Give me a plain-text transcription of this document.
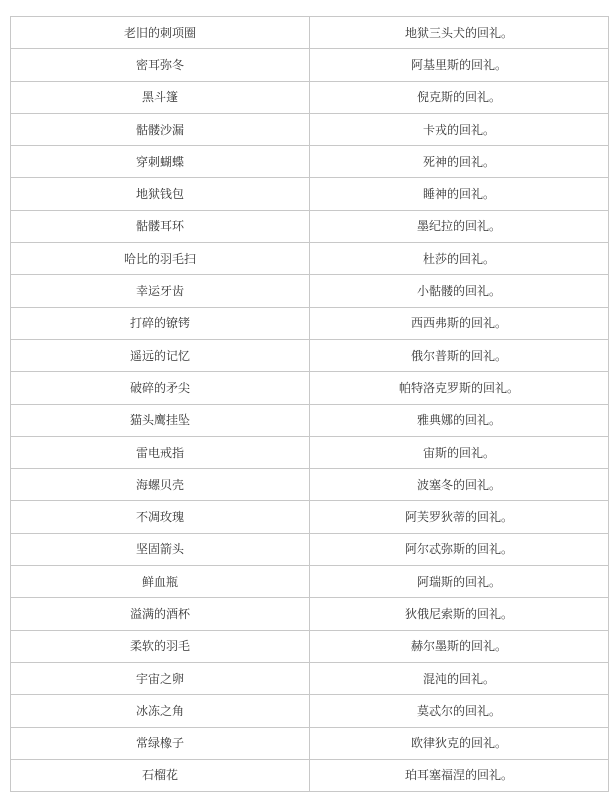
老旧的刺项圈	地狱三头犬的回礼。
密耳弥冬	阿基里斯的回礼。
黑斗篷	倪克斯的回礼。
骷髅沙漏	卡戎的回礼。
穿刺蝴蝶	死神的回礼。
地狱钱包	睡神的回礼。
骷髅耳环	墨纪拉的回礼。
哈比的羽毛扫	杜莎的回礼。
幸运牙齿	小骷髅的回礼。
打碎的镣铐	西西弗斯的回礼。
遥远的记忆	俄尔普斯的回礼。
破碎的矛尖	帕特洛克罗斯的回礼。
猫头鹰挂坠	雅典娜的回礼。
雷电戒指	宙斯的回礼。
海螺贝壳	波塞冬的回礼。
不凋玫瑰	阿芙罗狄蒂的回礼。
坚固箭头	阿尔忒弥斯的回礼。
鲜血瓶	阿瑞斯的回礼。
溢满的酒杯	狄俄尼索斯的回礼。
柔软的羽毛	赫尔墨斯的回礼。
宇宙之卵	混沌的回礼。
冰冻之角	莫忒尔的回礼。
常绿橡子	欧律狄克的回礼。
石榴花	珀耳塞福涅的回礼。
